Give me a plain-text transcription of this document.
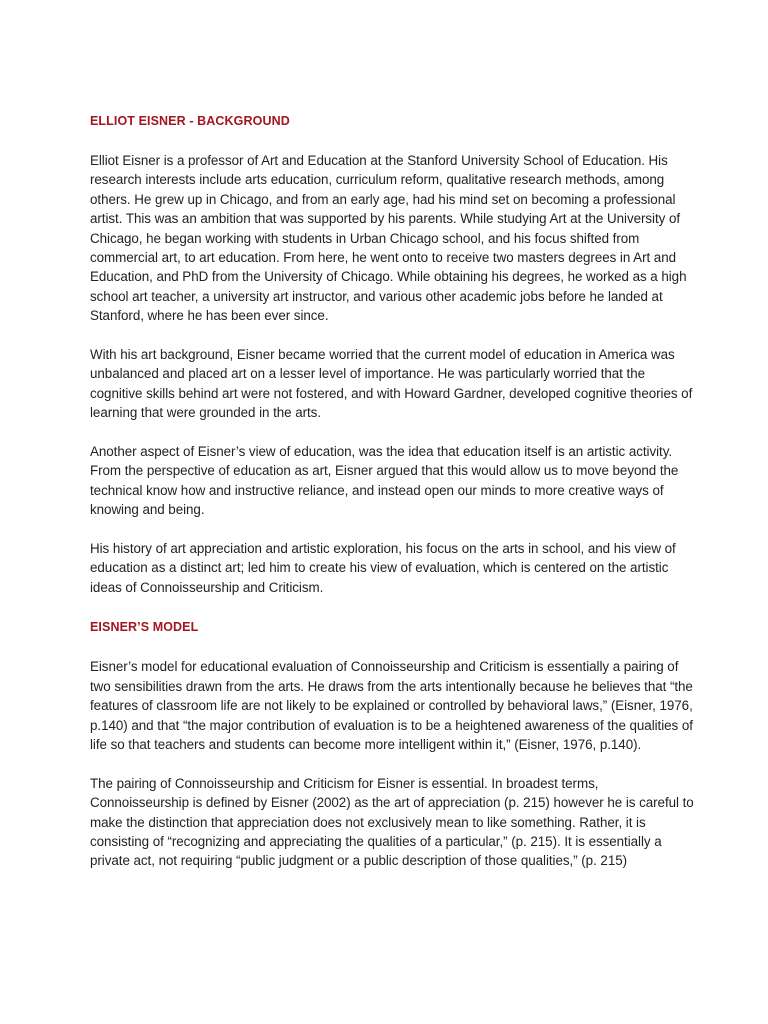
ELLIOT EISNER - BACKGROUND

Elliot Eisner is a professor of Art and Education at the Stanford University School of Education. His research interests include arts education, curriculum reform, qualitative research methods, among others. He grew up in Chicago, and from an early age, had his mind set on becoming a professional artist. This was an ambition that was supported by his parents. While studying Art at the University of Chicago, he began working with students in Urban Chicago school, and his focus shifted from commercial art, to art education. From here, he went onto to receive two masters degrees in Art and Education, and PhD from the University of Chicago. While obtaining his degrees, he worked as a high school art teacher, a university art instructor, and various other academic jobs before he landed at Stanford, where he has been ever since.

With his art background, Eisner became worried that the current model of education in America was unbalanced and placed art on a lesser level of importance. He was particularly worried that the cognitive skills behind art were not fostered, and with Howard Gardner, developed cognitive theories of learning that were grounded in the arts.

Another aspect of Eisner’s view of education, was the idea that education itself is an artistic activity. From the perspective of education as art, Eisner argued that this would allow us to move beyond the technical know how and instructive reliance, and instead open our minds to more creative ways of knowing and being.

His history of art appreciation and artistic exploration, his focus on the arts in school, and his view of education as a distinct art; led him to create his view of evaluation, which is centered on the artistic ideas of Connoisseurship and Criticism.

EISNER’S MODEL

Eisner’s model for educational evaluation of Connoisseurship and Criticism is essentially a pairing of two sensibilities drawn from the arts. He draws from the arts intentionally because he believes that “the features of classroom life are not likely to be explained or controlled by behavioral laws,” (Eisner, 1976, p.140) and that “the major contribution of evaluation is to be a heightened awareness of the qualities of life so that teachers and students can become more intelligent within it,” (Eisner, 1976, p.140).

The pairing of Connoisseurship and Criticism for Eisner is essential. In broadest terms, Connoisseurship is defined by Eisner (2002) as the art of appreciation (p. 215) however he is careful to make the distinction that appreciation does not exclusively mean to like something. Rather, it is consisting of “recognizing and appreciating the qualities of a particular,” (p. 215). It is essentially a private act, not requiring “public judgment or a public description of those qualities,” (p. 215)
